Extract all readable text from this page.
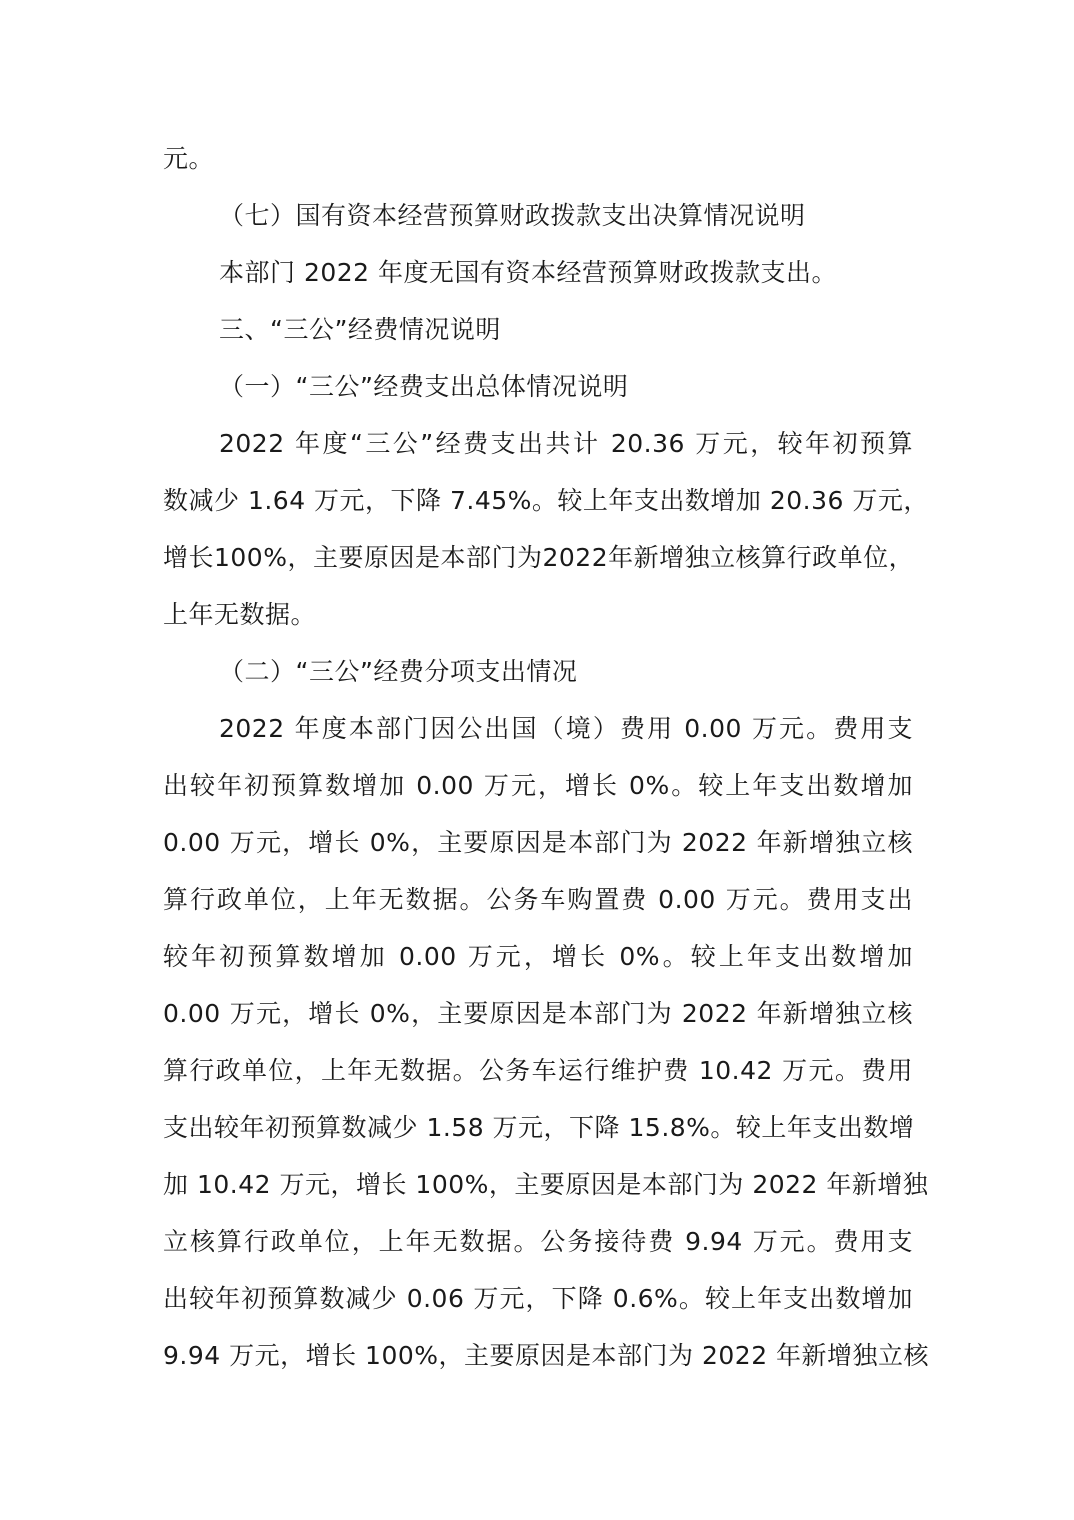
元。
（七）国有资本经营预算财政拨款支出决算情况说明
本部门 2022 年度无国有资本经营预算财政拨款支出。
三、“三公”经费情况说明
（一）“三公”经费支出总体情况说明
2022 年度“三公”经费支出共计 20.36 万元，较年初预算
数减少 1.64 万元，下降 7.45%。较上年支出数增加 20.36 万元，
增长100%，主要原因是本部门为2022年新增独立核算行政单位，
上年无数据。
（二）“三公”经费分项支出情况
2022 年度本部门因公出国（境）费用 0.00 万元。费用支
出较年初预算数增加 0.00 万元，增长 0%。较上年支出数增加
0.00 万元，增长 0%，主要原因是本部门为 2022 年新增独立核
算行政单位，上年无数据。公务车购置费 0.00 万元。费用支出
较年初预算数增加 0.00 万元，增长 0%。较上年支出数增加
0.00 万元，增长 0%，主要原因是本部门为 2022 年新增独立核
算行政单位，上年无数据。公务车运行维护费 10.42 万元。费用
支出较年初预算数减少 1.58 万元，下降 15.8%。较上年支出数增
加 10.42 万元，增长 100%，主要原因是本部门为 2022 年新增独
立核算行政单位，上年无数据。公务接待费 9.94 万元。费用支
出较年初预算数减少 0.06 万元，下降 0.6%。较上年支出数增加
9.94 万元，增长 100%，主要原因是本部门为 2022 年新增独立核
